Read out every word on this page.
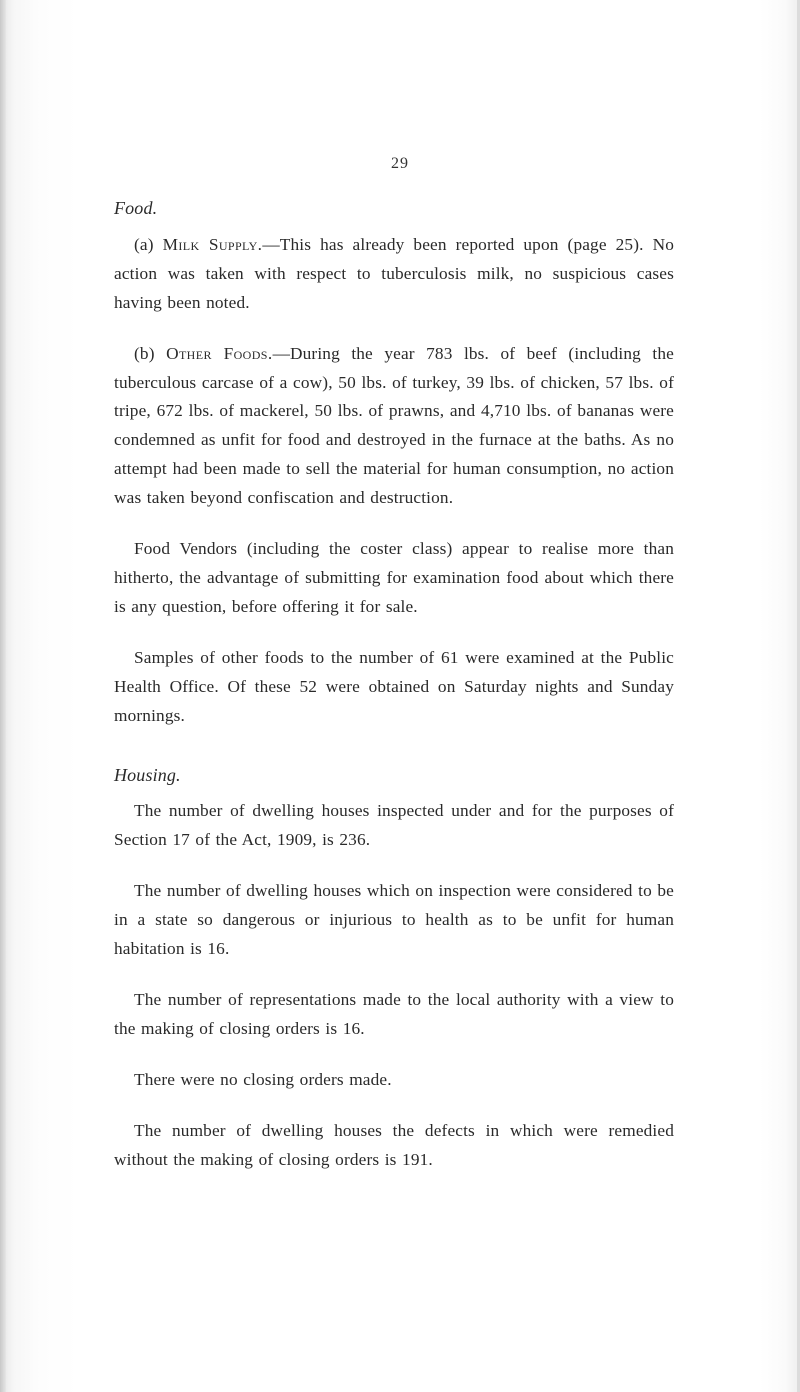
29
Food.

(a) Milk Supply.—This has already been reported upon (page 25). No action was taken with respect to tuberculosis milk, no suspicious cases having been noted.

(b) Other Foods.—During the year 783 lbs. of beef (including the tuberculous carcase of a cow), 50 lbs. of turkey, 39 lbs. of chicken, 57 lbs. of tripe, 672 lbs. of mackerel, 50 lbs. of prawns, and 4,710 lbs. of bananas were condemned as unfit for food and destroyed in the furnace at the baths. As no attempt had been made to sell the material for human consumption, no action was taken beyond confiscation and destruction.

Food Vendors (including the coster class) appear to realise more than hitherto, the advantage of submitting for examination food about which there is any question, before offering it for sale.

Samples of other foods to the number of 61 were examined at the Public Health Office. Of these 52 were obtained on Saturday nights and Sunday mornings.

Housing.

The number of dwelling houses inspected under and for the purposes of Section 17 of the Act, 1909, is 236.

The number of dwelling houses which on inspection were considered to be in a state so dangerous or injurious to health as to be unfit for human habitation is 16.

The number of representations made to the local authority with a view to the making of closing orders is 16.

There were no closing orders made.

The number of dwelling houses the defects in which were remedied without the making of closing orders is 191.
